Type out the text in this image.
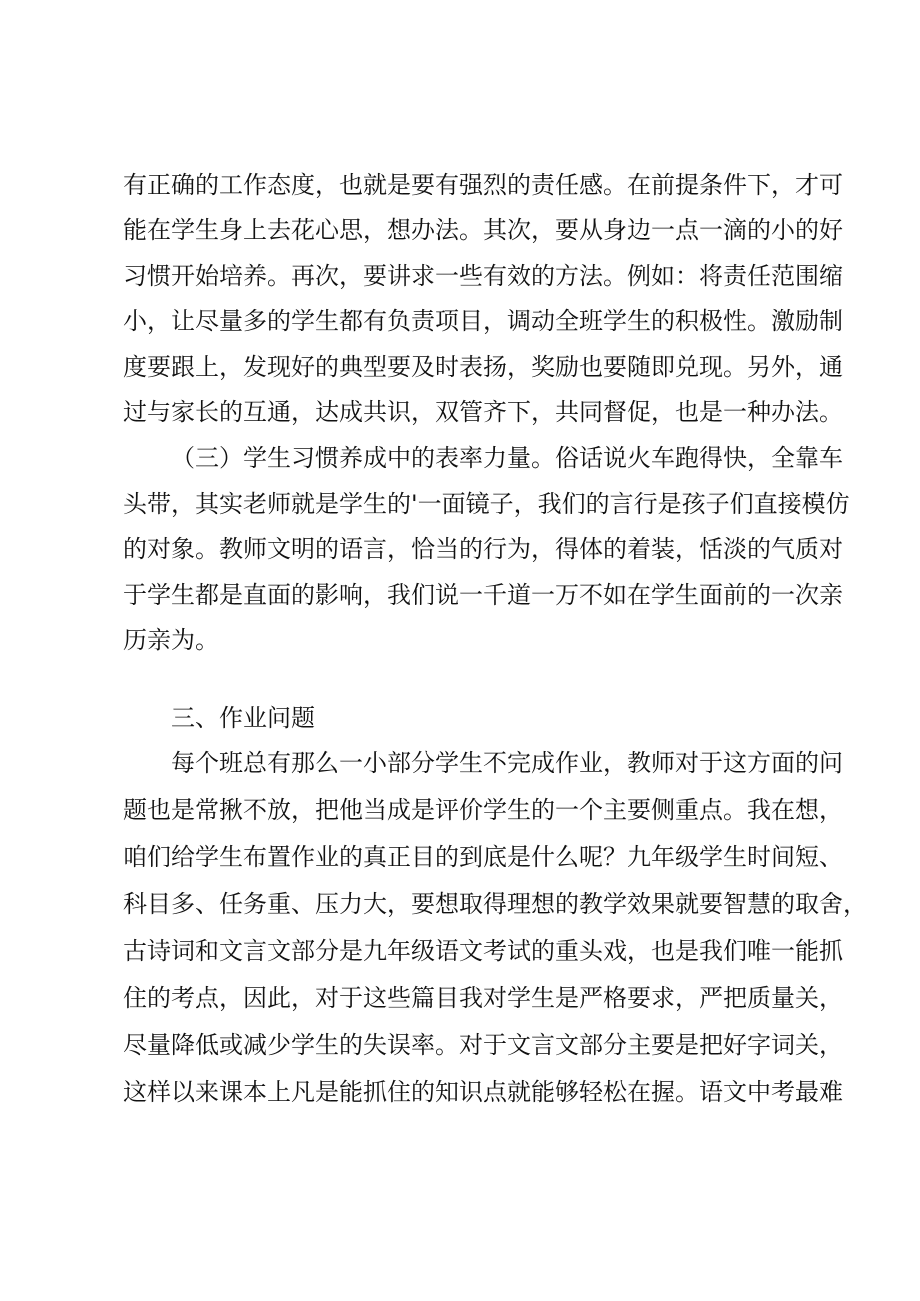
有正确的工作态度，也就是要有强烈的责任感。在前提条件下，才可
能在学生身上去花心思，想办法。其次，要从身边一点一滴的小的好
习惯开始培养。再次，要讲求一些有效的方法。例如：将责任范围缩
小，让尽量多的学生都有负责项目，调动全班学生的积极性。激励制
度要跟上，发现好的典型要及时表扬，奖励也要随即兑现。另外，通
过与家长的互通，达成共识，双管齐下，共同督促，也是一种办法。
（三）学生习惯养成中的表率力量。俗话说火车跑得快，全靠车
头带，其实老师就是学生的'一面镜子，我们的言行是孩子们直接模仿
的对象。教师文明的语言，恰当的行为，得体的着装，恬淡的气质对
于学生都是直面的影响，我们说一千道一万不如在学生面前的一次亲
历亲为。
三、作业问题
每个班总有那么一小部分学生不完成作业，教师对于这方面的问
题也是常揪不放，把他当成是评价学生的一个主要侧重点。我在想，
咱们给学生布置作业的真正目的到底是什么呢？九年级学生时间短、
科目多、任务重、压力大，要想取得理想的教学效果就要智慧的取舍，
古诗词和文言文部分是九年级语文考试的重头戏，也是我们唯一能抓
住的考点，因此，对于这些篇目我对学生是严格要求，严把质量关，
尽量降低或减少学生的失误率。对于文言文部分主要是把好字词关，
这样以来课本上凡是能抓住的知识点就能够轻松在握。语文中考最难
